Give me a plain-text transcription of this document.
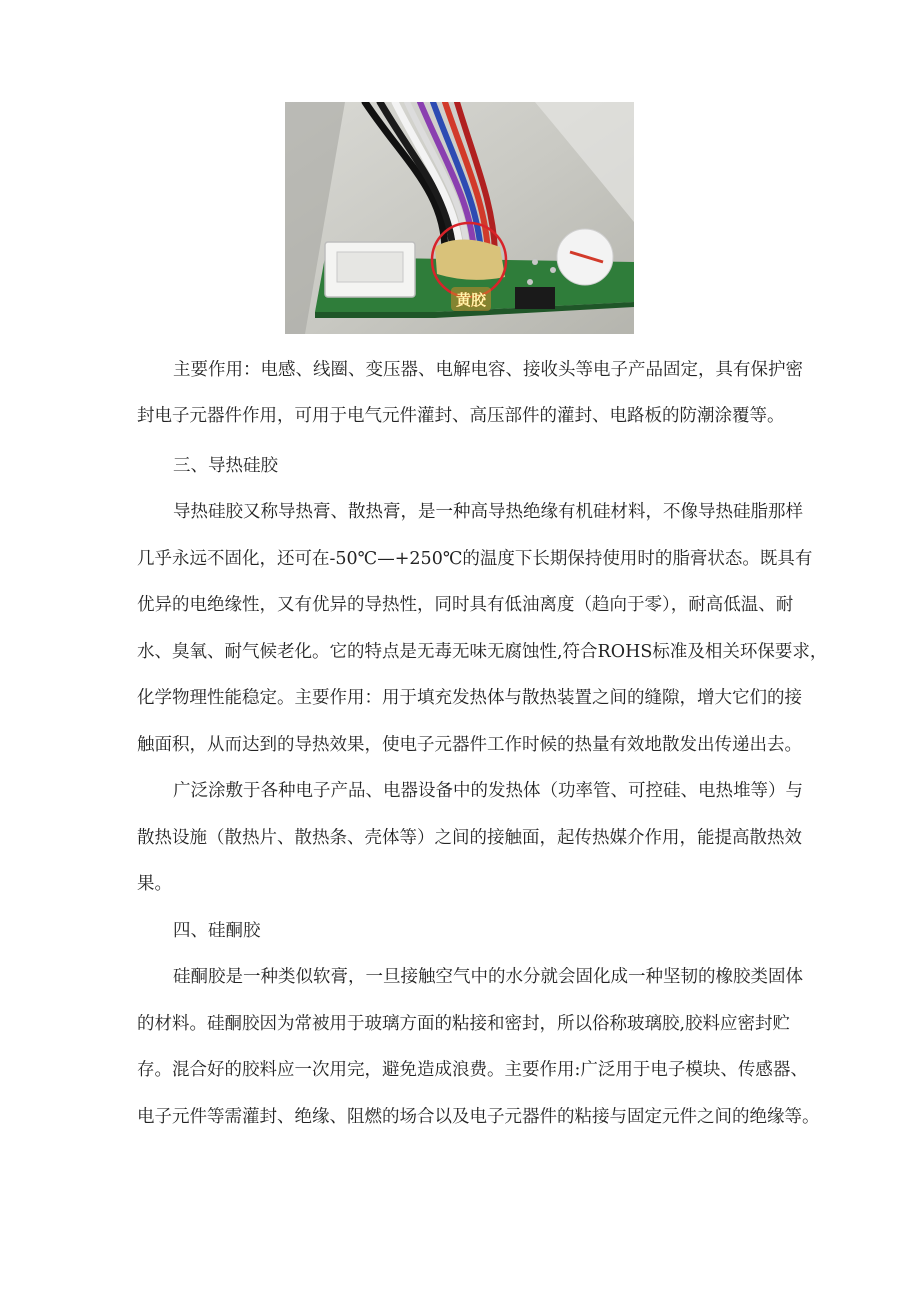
黄胶
主要作用：电感、线圈、变压器、电解电容、接收头等电子产品固定，具有保护密
封电子元器件作用，可用于电气元件灌封、高压部件的灌封、电路板的防潮涂覆等。
三、导热硅胶
导热硅胶又称导热膏、散热膏，是一种高导热绝缘有机硅材料，不像导热硅脂那样
几乎永远不固化，还可在-50℃—+250℃的温度下长期保持使用时的脂膏状态。既具有
优异的电绝缘性，又有优异的导热性，同时具有低油离度（趋向于零），耐高低温、耐
水、臭氧、耐气候老化。它的特点是无毒无味无腐蚀性,符合ROHS标准及相关环保要求，
化学物理性能稳定。主要作用：用于填充发热体与散热装置之间的缝隙，增大它们的接
触面积，从而达到的导热效果，使电子元器件工作时候的热量有效地散发出传递出去。
广泛涂敷于各种电子产品、电器设备中的发热体（功率管、可控硅、电热堆等）与
散热设施（散热片、散热条、壳体等）之间的接触面，起传热媒介作用，能提高散热效
果。
四、硅酮胶
硅酮胶是一种类似软膏，一旦接触空气中的水分就会固化成一种坚韧的橡胶类固体
的材料。硅酮胶因为常被用于玻璃方面的粘接和密封，所以俗称玻璃胶,胶料应密封贮
存。混合好的胶料应一次用完，避免造成浪费。主要作用:广泛用于电子模块、传感器、
电子元件等需灌封、绝缘、阻燃的场合以及电子元器件的粘接与固定元件之间的绝缘等。
